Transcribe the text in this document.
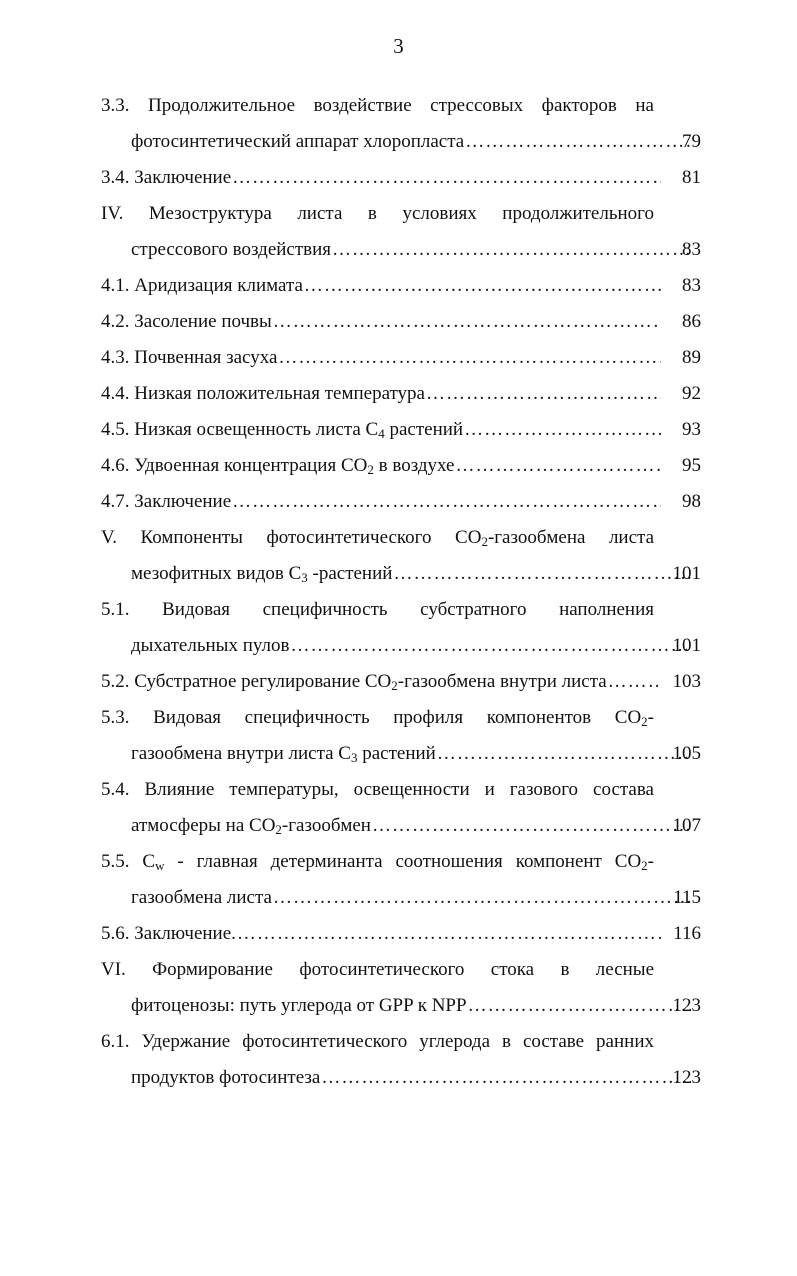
3
3.3. Продолжительное воздействие стрессовых факторов на
фотосинтетический аппарат хлоропласта ……………………………………………………………………………………………………	79
3.4. Заключение ……………………………………………………………………………………………………	81
IV. Мезоструктура листа в условиях продолжительного
стрессового воздействия ……………………………………………………………………………………………………	83
4.1. Аридизация климата ……………………………………………………………………………………………………	83
4.2. Засоление почвы ……………………………………………………………………………………………………	86
4.3. Почвенная засуха ……………………………………………………………………………………………………	89
4.4. Низкая положительная температура ……………………………………………………………………………………………………	92
4.5. Низкая освещенность листа $C_4$ растений ……………………………………………………………………………………………………	93
4.6. Удвоенная концентрация $CO_2$ в воздухе ……………………………………………………………………………………………………	95
4.7. Заключение ……………………………………………………………………………………………………	98
V. Компоненты фотосинтетического $CO_2$-газообмена листа
мезофитных видов $C_3$ -растений ……………………………………………………………………………………………………	101
5.1. Видовая специфичность субстратного наполнения
дыхательных пулов ……………………………………………………………………………………………………	101
5.2. Субстратное регулирование $CO_2$-газообмена внутри листа ……………………………………………………………………………………………………	103
5.3. Видовая специфичность профиля компонентов $CO_2-$
газообмена внутри листа $C_3$ растений ……………………………………………………………………………………………………	105
5.4. Влияние температуры, освещенности и газового состава
атмосферы на $CO_2$-газообмен ……………………………………………………………………………………………………	107
5.5. $C_w$ - главная детерминанта соотношения компонент $CO_2-$
газообмена листа ……………………………………………………………………………………………………	115
5.6. Заключение. ……………………………………………………………………………………………………	116
VI. Формирование фотосинтетического стока в лесные
фитоценозы: путь углерода от GPP к NPP ……………………………………………………………………………………………………	123
6.1. Удержание фотосинтетического углерода в составе ранних
продуктов фотосинтеза ……………………………………………………………………………………………………	123
